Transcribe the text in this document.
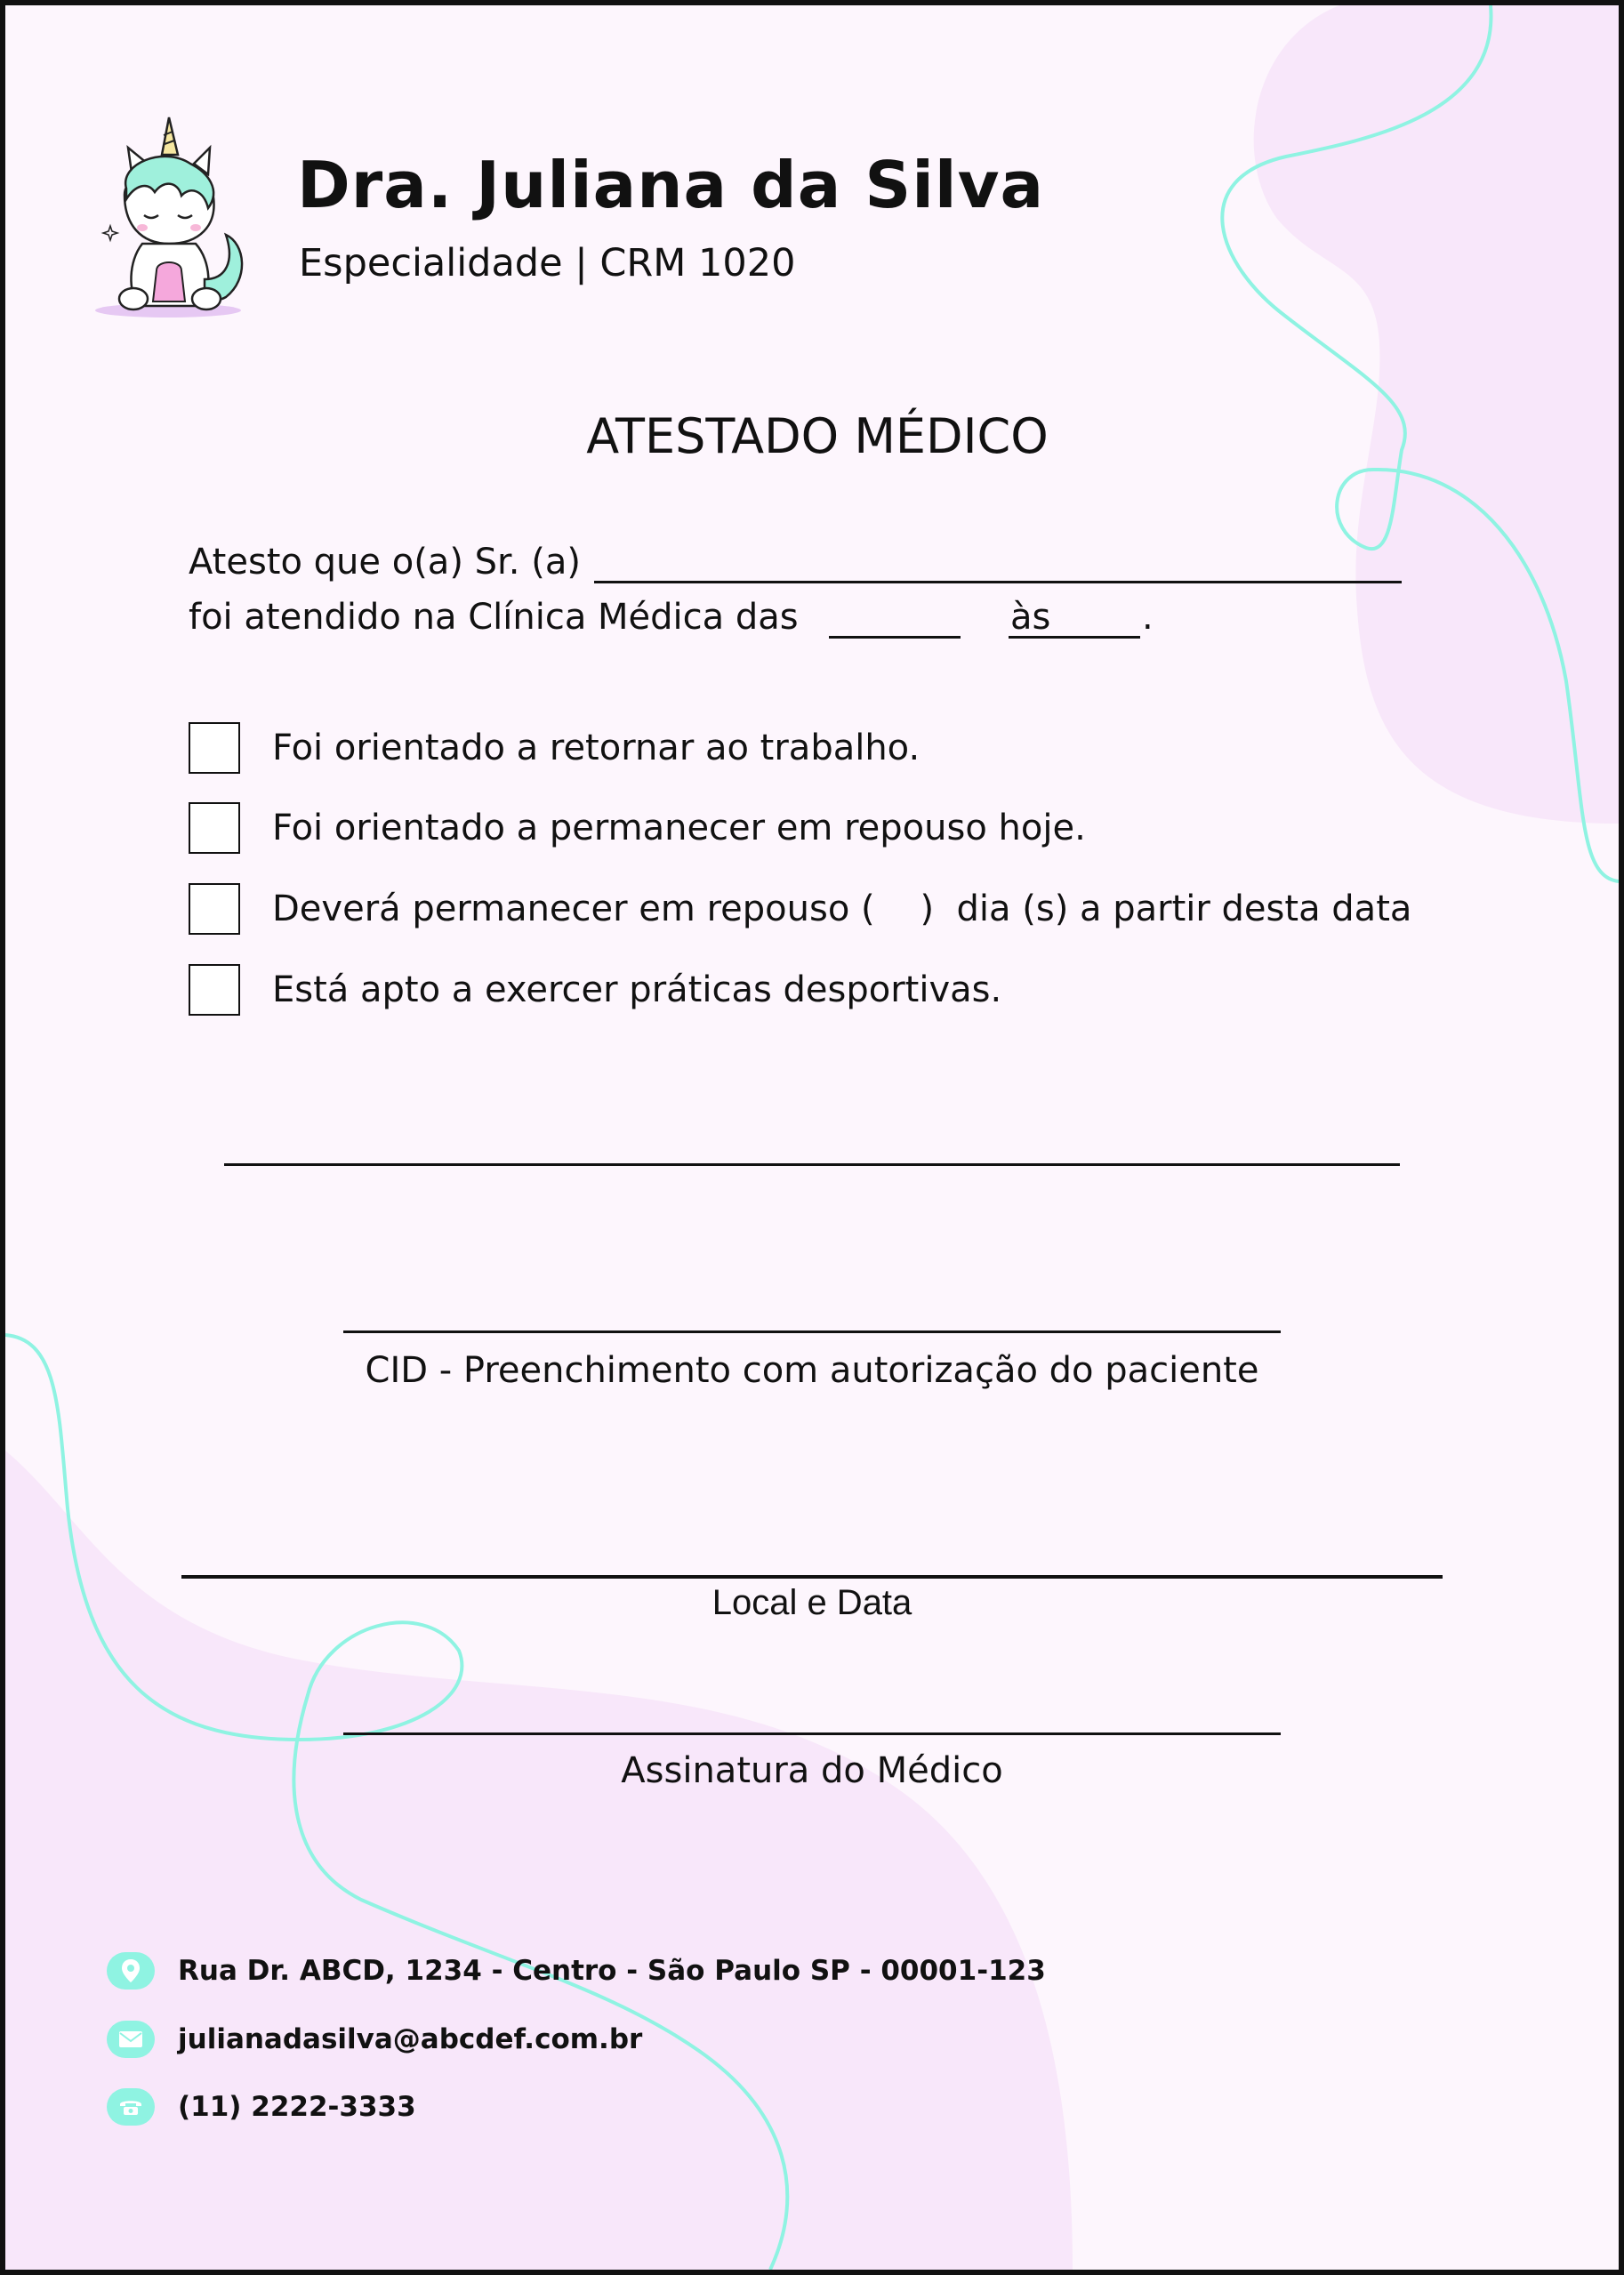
Dra. Juliana da Silva
Especialidade | CRM 1020
ATESTADO MÉDICO
Atesto que o(a) Sr. (a)
foi atendido na Clínica Médica das	às	.
Foi orientado a retornar ao trabalho.
Foi orientado a permanecer em repouso hoje.
Deverá permanecer em repouso (    )  dia (s) a partir desta data
Está apto a exercer práticas desportivas.
CID - Preenchimento com autorização do paciente
Local e Data
Assinatura do Médico
Rua Dr. ABCD, 1234 - Centro - São Paulo SP - 00001-123
julianadasilva@abcdef.com.br
(11) 2222-3333
